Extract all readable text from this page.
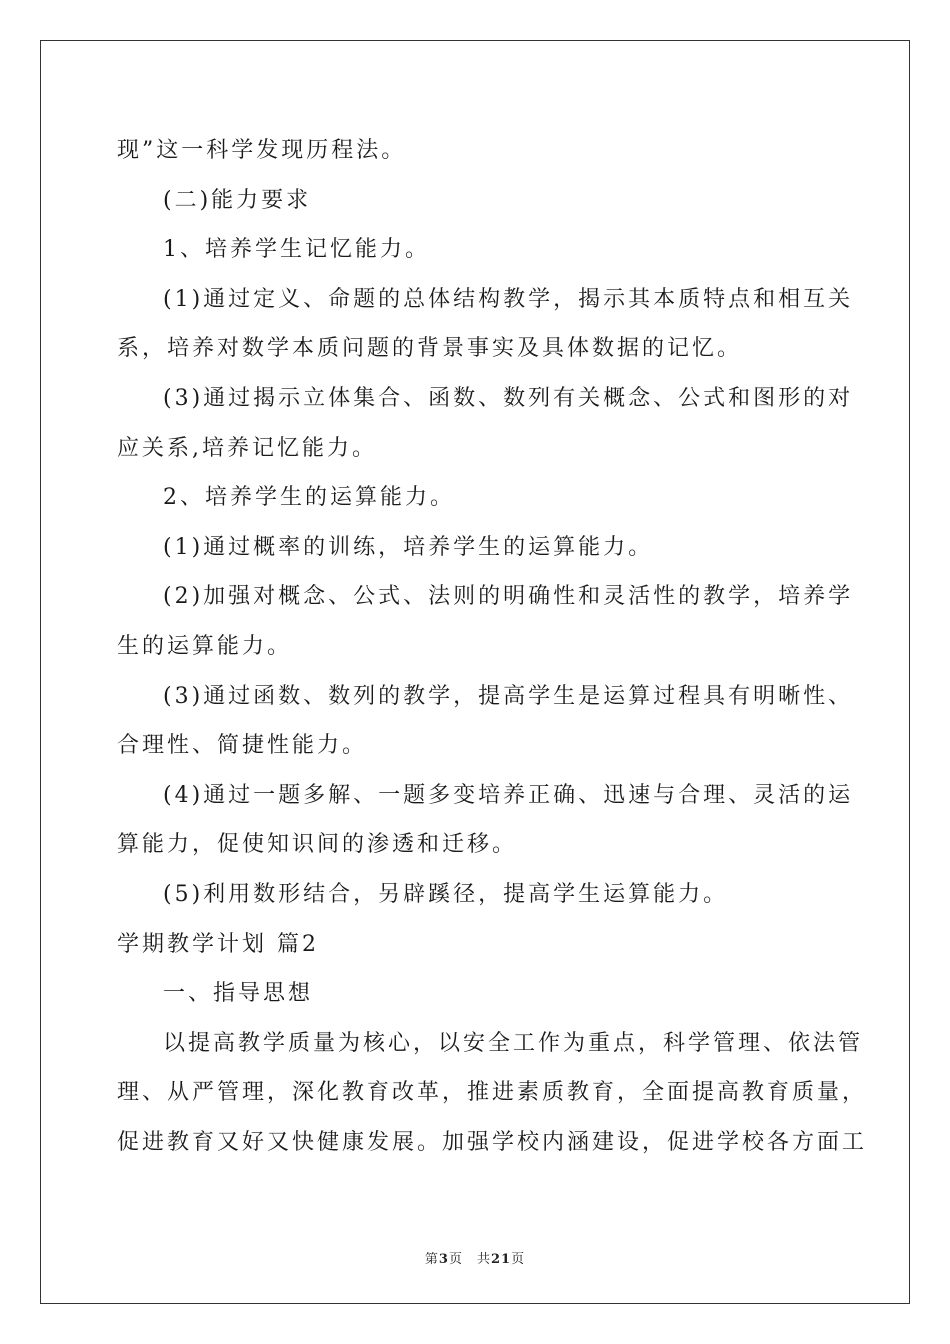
现”这一科学发现历程法。
(二)能力要求
1、培养学生记忆能力。
(1)通过定义、命题的总体结构教学，揭示其本质特点和相互关
系，培养对数学本质问题的背景事实及具体数据的记忆。
(3)通过揭示立体集合、函数、数列有关概念、公式和图形的对
应关系,培养记忆能力。
2、培养学生的运算能力。
(1)通过概率的训练，培养学生的运算能力。
(2)加强对概念、公式、法则的明确性和灵活性的教学，培养学
生的运算能力。
(3)通过函数、数列的教学，提高学生是运算过程具有明晰性、
合理性、简捷性能力。
(4)通过一题多解、一题多变培养正确、迅速与合理、灵活的运
算能力，促使知识间的渗透和迁移。
(5)利用数形结合，另辟蹊径，提高学生运算能力。
学期教学计划 篇2
一、指导思想
以提高教学质量为核心，以安全工作为重点，科学管理、依法管
理、从严管理，深化教育改革，推进素质教育，全面提高教育质量，
促进教育又好又快健康发展。加强学校内涵建设，促进学校各方面工
第3页 共21页
